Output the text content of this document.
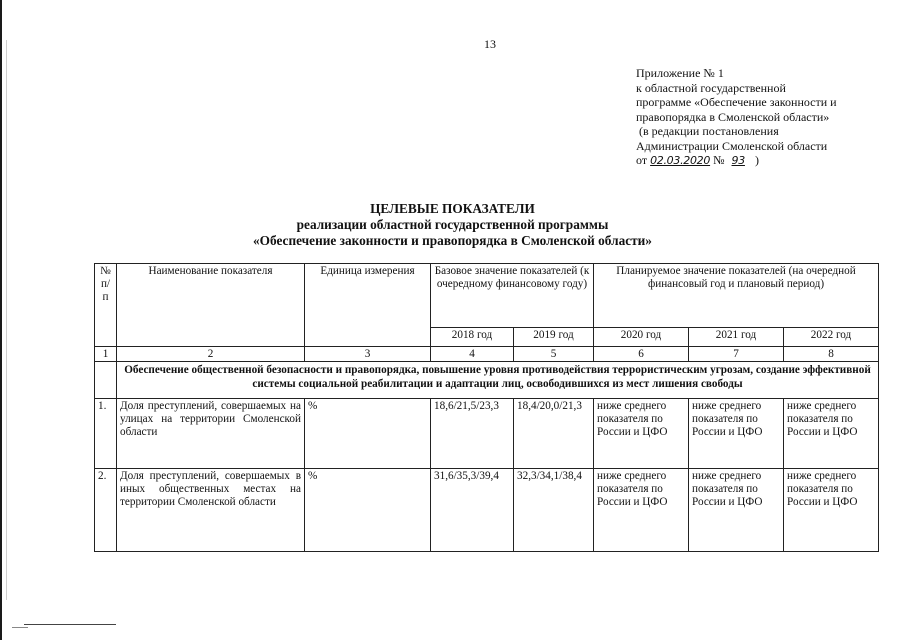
13
Приложение № 1
к областной государственной
программе «Обеспечение законности и
правопорядка в Смоленской области»
(в редакции постановления
Администрации Смоленской области
от 02.03.2020 № 93 )
ЦЕЛЕВЫЕ ПОКАЗАТЕЛИ
реализации областной государственной программы
«Обеспечение законности и правопорядка в Смоленской области»
№ п/п	Наименование показателя	Единица измерения	Базовое значение показателей (к очередному финансовому году)		Планируемое значение показателей (на очередной финансовый год и плановый период)		
			2018 год	2019 год	2020 год	2021 год	2022 год
1	2	3	4	5	6	7	8
	Обеспечение общественной безопасности и правопорядка, повышение уровня противодействия террористическим угрозам, создание эффективной системы социальной реабилитации и адаптации лиц, освободившихся из мест лишения свободы						
1.	Доля преступлений, совершаемых на улицах на территории Смоленской области	%	18,6/21,5/23,3	18,4/20,0/21,3	ниже среднего показателя по России и ЦФО	ниже среднего показателя по России и ЦФО	ниже среднего показателя по России и ЦФО
2.	Доля преступлений, совершаемых в иных общественных местах на территории Смоленской области	%	31,6/35,3/39,4	32,3/34,1/38,4	ниже среднего показателя по России и ЦФО	ниже среднего показателя по России и ЦФО	ниже среднего показателя по России и ЦФО
